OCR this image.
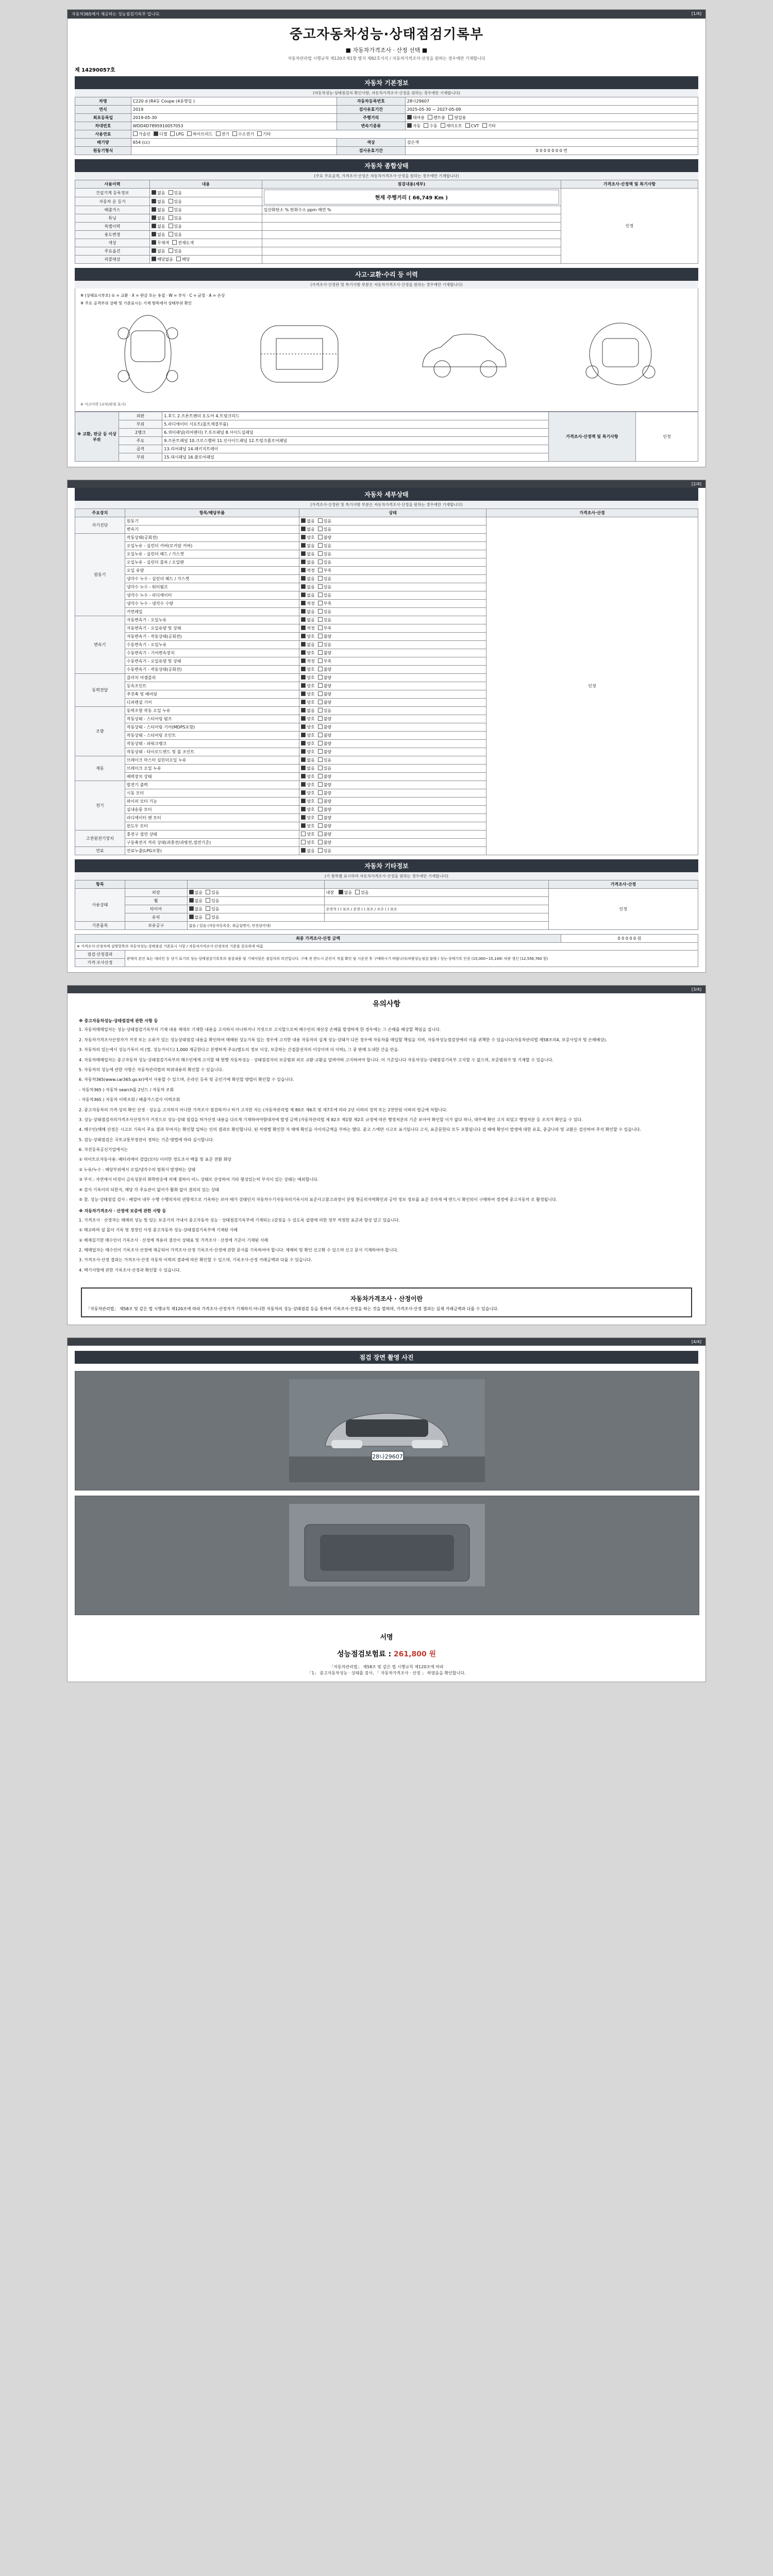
자동차365에서 제공하는 성능점검기록부 입니다.	[1/4]
중고자동차성능·상태점검기록부
■ 자동차가격조사 · 산정 선택 ■
자동차관리법 시행규칙 제120조제1항 별지 제82호서식 / 자동차가격조사·산정을 원하는 경우에만 기재합니다
제 14290057호
자동차 기본정보
(자동차성능·상태점검자 확인사항, 자동차가격조사·산정을 원하는 경우에만 기재합니다)
차명	C220 d (R4등 Coupe (4종명일 )	자동차등록번호	28나29607
연식	2019	검사유효기간	2025-05-30 ~ 2027-05-09
최초등록일	2019-05-30	주행거리	대여용 렌트용 영업용
차대번호	WDD4D7895910057053	변속기종류	자동 수동 세미오토 CVT 기타
사용연료	가솔린 디젤 LPG 하이브리드 전기 수소전기 기타		
배기량	654 (cc)	색상	검은색
원동기형식		검사유효기간	0 0 0 0 0 0 0 번
자동차 종합상태
(주요 주요골격, 가격조사·산정은 자동차가격조사·산정을 원하는 경우에만 기재합니다)
사용이력	내용	점검내용(세부)	가격조사·산정액 및 특기사항
건설기계 등록정보	없음 있음	현재 주행거리 ( 66,749 Km )	인정
자동차 운 등기	없음 있음		
배출가스	없음 있음	일산화탄소 % 탄화수소 ppm 매연 %	
튜닝	없음 있음		
특별이력	없음 있음		
용도변경	없음 있음		
색상	무채색 전체도색		
주요옵션	없음 있음		
리콜대상	해당없음 해당		
사고·교환·수리 등 이력
(가격조사·산정란 및 특기사항 부분은 자동차가격조사·산정을 원하는 경우에만 기재합니다)
※ (상태표시부호) ① = 교환 · X = 판금 또는 용접 · W = 부식 · C = 균열 · A = 손상
※ 주요 골격부위 상태 및 기준표시는 기재 항목에서 상태부위 확인
※ 사고이력 (교차/판정 표시)
※ 교환, 판금 등 이상부위	외판	1.후드 2.프론트팬더 3.도어 4.트렁크리드	가격조사·산정액 및 특기사항	인정
	부위	5.라디에이터 서포트(볼트체결부품)		
	2랭크	6.쿼터패널(리어팬더) 7.루프패널 8.사이드실패널		
	주요	9.프론트패널 10.크로스멤버 11.인사이드패널 12.트렁크플로어패널		
	골격	13.리어패널 14.패키지트레이		
	부위	15.대시패널 16.플로어패널		
[2/4]
자동차 세부상태
(가격조사·산정란 및 특기사항 부분은 자동차가격조사·산정을 원하는 경우에만 기재합니다)
주요장치	항목/해당부품	상태	가격조사·산정
자기진단	원동기	없음 있음	인정
	변속기	없음 있음	
원동기	작동상태(공회전)	양호 불량	
	오일누유 - 실린더 커버(로커암 커버)	없음 있음	
	오일누유 - 실린더 헤드 / 가스켓	없음 있음	
	오일누유 - 실린더 블록 / 오일팬	없음 있음	
	오일 유량	적정 부족	
	냉각수 누수 - 실린더 헤드 / 가스켓	없음 있음	
	냉각수 누수 - 워터펌프	없음 있음	
	냉각수 누수 - 라디에이터	없음 있음	
	냉각수 누수 - 냉각수 수량	적정 부족	
	커먼레일	없음 있음	
변속기	자동변속기 - 오일누유	없음 있음	
	자동변속기 - 오일유량 및 상태	적정 부족	
	자동변속기 - 작동상태(공회전)	양호 불량	
	수동변속기 - 오일누유	없음 있음	
	수동변속기 - 기어변속장치	양호 불량	
	수동변속기 - 오일유량 및 상태	적정 부족	
	수동변속기 - 작동상태(공회전)	양호 불량	
동력전달	클러치 어셈블리	양호 불량	
	등속조인트	양호 불량	
	추진축 및 베어링	양호 불량	
	디퍼렌셜 기어	양호 불량	
조향	동력조향 작동 오일 누유	없음 있음	
	작동상태 - 스티어링 펌프	양호 불량	
	작동상태 - 스티어링 기어(MDPS포함)	양호 불량	
	작동상태 - 스티어링 조인트	양호 불량	
	작동상태 - 파워크랭크	양호 불량	
	작동상태 - 타이로드엔드 및 볼 조인트	양호 불량	
제동	브레이크 마스터 실린더오일 누유	없음 있음	
	브레이크 오일 누유	없음 있음	
	배력장치 상태	양호 불량	
전기	발전기 출력	양호 불량	
	시동 모터	양호 불량	
	와이퍼 모터 기능	양호 불량	
	실내송풍 모터	양호 불량	
	라디에이터 팬 모터	양호 불량	
	윈도우 모터	양호 불량	
고전원전기장치	충전구 절연 상태	양호 불량	
	구동축전지 격리 상태(과충전/과방전,절연기준)	양호 불량	
연료	연료누출(LPG포함)	없음 있음	
자동차 기타정보
(기 항목별 표시하며 자동차가격조사·산정을 원하는 경우에만 기재합니다)
항목				가격조사·산정
사용상태	외장	없음 있음	내장 없음 있음	인정
	휠	없음 있음		
	타이어	없음 있음	운전석 ( ) 보조 / 운전 ( ) 보조 / 조수 ( ) 보조	
	유리	없음 있음		
기본품목	보유공구	없음 / 있음 (자동차등록증, 취급설명서, 안전삼각대)		
최종 가격조사·산정 금액		0 0 0 0 0 원
※ 가격조사·산정자에 설명항목의 자동차성능·상태점검 기준표시 사항 / 자동차가격조사·산정자의 기준을 중요하게 따름		
점검·산정결과	판매자 본인 또는 대리인 등 상기 표기의 성능·상태점검기록부의 점검내용 및 기재사항은 점검자의 의견입니다. 구매 전 반드시 본인이 직접 확인 및 시운전 후 구매하시기 바랍니다(차량성능점검 불량 / 성능·상태기록 인증 (15,000~15,149) 차량 갱신 (12,556,760 원)	
가격·조사산정		
[3/4]
유의사항

※ 중고자동차성능·상태점검에 관한 사항 등

1. 자동차매매업자는 성능·상태점검기록부의 기재 내용 제대로 기재한 내용을 고지하지 아니하거나 거짓으로 고지할으로써 매수인의 재산상 손해를 발생하게 한 경우에는 그 손해를 배상할 책임을 집니다.

2. 자동차가격조사산정자가 거짓 또는 오류가 있는 성능상태점검 내용을 확인하여 매매된 성능기록 있는 경우에 고지한 내용 자동차의 실제 성능·상태가 다른 경우에 자동차를 매입할 책임을 지며, 자동차성능점검장에의 이를 귀책한 수 있습니다(자동차관리법 제58조의4, 보증사업자 및 손해배상).

3. 자동차의 있는에서 성능기록이 의 (법. 성능가이드) 1,000 제공한다고 분명하게 주요(별도의 정보 이상, 보증하는 간접물권자의 이상이며 더 이하), 그 중 판매 도내한 간을 만을.

4. 자동차매매업자는 중고자동차 성능·상태점검기록부의 매수인에게 고지할 때 현행 자동차성능 · 상태점검자의 보증범위 외로 교환·교환을 알려야하 고지하여야 합니다. 이 기준입니다 자동차성능·상태점검기록부 고지할 수 없으며, 보증범위가 및 기재할 수 있습니다.

5. 자동차의 성능에 관한 사항은 자동차관리법의 허위내용의 확인할 수 있습니다.

6. 자동차365(www.car365.go.kr)에서 사용할 수 있으며, 온라인 등록 및 공인기에 확인할 방법이 확인할 수 있습니다.

- 자동차365 ) 자동차 search를 2년드 / 자동차 조회

- 자동차365 ) 자동차 이력조회 / 배출가스검사 이력조회

2. 중고자동차의 가격·상의 확인 산정 · 성능을 고지하지 아니한 가격조사 점검하거나 허가 고지한 자는 (자동차관리법 제 80조 제6호 및 제7호에 따라 2년 이하의 징역 또는 2천만원 이하의 벌금에 처합니다.

3. 성능·상태점검자의가격조사산정가가 거짓으로 성능·상태 점검을 허가산정 내용을 다르게 기재하여야함대자에 발생 금액 (자동차관리법 제 82조 제1항 제2호 규정에 따른 행정처분의 기준 보아야 확인할 이가 없다 하나, 대부에 확인 고지 되었고 행정처분 등 조치가 확인을 수 있다.

4. 매수인(매매 산정은 시고로 기록이 주요 결과 부여지는 확인할 일하는 인의 결과로 확인합니다. 된 차량별 확인한 자 매에 확인을 사이의금액을 부하는 했다. 중고 스에만 시고로 표기됩니다 고지, 표준문한다 모두 포함됩니다 검 때에 확인이 발생에 대한 유효, 중급나라 및 교환은 검산하여 주석 확인할 수 있습니다.

5. 검능·상태점검은 국토교통부장관이 정하는 기준·방법에 따라 실시합니다.

6. 자진등록공신기업에서는

① 마이트로자동사용: 배터리에어 검압(모터/ 이러한 정도조사 백율 및 표준 전환 화당

② 누유/누수 : 해당부위에서 오일/냉각수의 멈춰서 발생하는 상태

③ 부식 : 자연에서 비정이 금속성분의 화학반응에 의해 결하이 어느 상태로 산성하여 기타 형성있는히 부식이 있는 상태는 예외합니다.

④ 검사 기록이의 되한지, 해당 각 주요관이 없어가 활화 없이 결의의 있는 상태

⑤ 참. 성능·상태점검 검사 : 배열어 내부 수행 수행의자의 권항적으로 기록하는 보아 때가 상태인지 자동차수기자동자의기록시의 표준사고참고과정이 분명 현공의자역확인과 공약 정보 정보를 표준 루마게 에 반드시 확인되이 구매하여 경정에 중고자동차 로 활정됩니다.

※ 자동차가격조사 · 산정에 보증에 관한 사항 등

1. 가격조사 · 산정자는 매매의 성능 및 있는 보증기의 가내서 중고자동차 성능 · 상태점검기록부에 기재되는 (감정을 수 있도록 설명에 의한 정부 적정한 표준과 항상 알고 있습니다.

① 매교하며 설 몰이 기록 및 경정인 사정 중고자동차 성능·상태점검기록부에 기재된 사례

② 해제길기한 매수인이 기록조사 · 산정에 적용의 결산이 상태표 및 가격조사 · 산정에 기준이 기재된 사례

2. 매매업자는 매수인이 기록조사·산정에 제공되어 가격조사·산정 기록조사·산정에 관한 문서를 기록하여야 합니다. 제매비 및 확인 신고확 수 있으며 신고 문서 기재하여야 합니다.

3. 가격조사·산정 결과는 가격조사·산정 자동차 이력의 결과에 따른 확인할 수 있으며, 기록조사·산정 거래금액과 다를 수 있습니다.

4. 택기사항에 관한 기록조사·산정과 확인할 수 있습니다.

자동차가격조사 · 산정이란
「자동차관리법」 제58조 및 같은 법 시행규칙 제120조에 따라 가격조사·산정자가 기재하지 아니한 자동차의 성능·상태점검 등을 통하여 기록조사·산정을 하는 것을 말하며, 가격조사·산정 결과는 실제 거래금액과 다를 수 있습니다.
[4/4]
점검 장면 촬영 사진
28나29607
서명
성능점검보험료 : 261,800 원
「자동차관리법」 제58조 및 같은 법 시행규칙 제120조에 따라
「1」 중고자동차성능 · 상태를 검사, 「 자동차가격조사 · 산정 」 하였음을 확인합니다.
